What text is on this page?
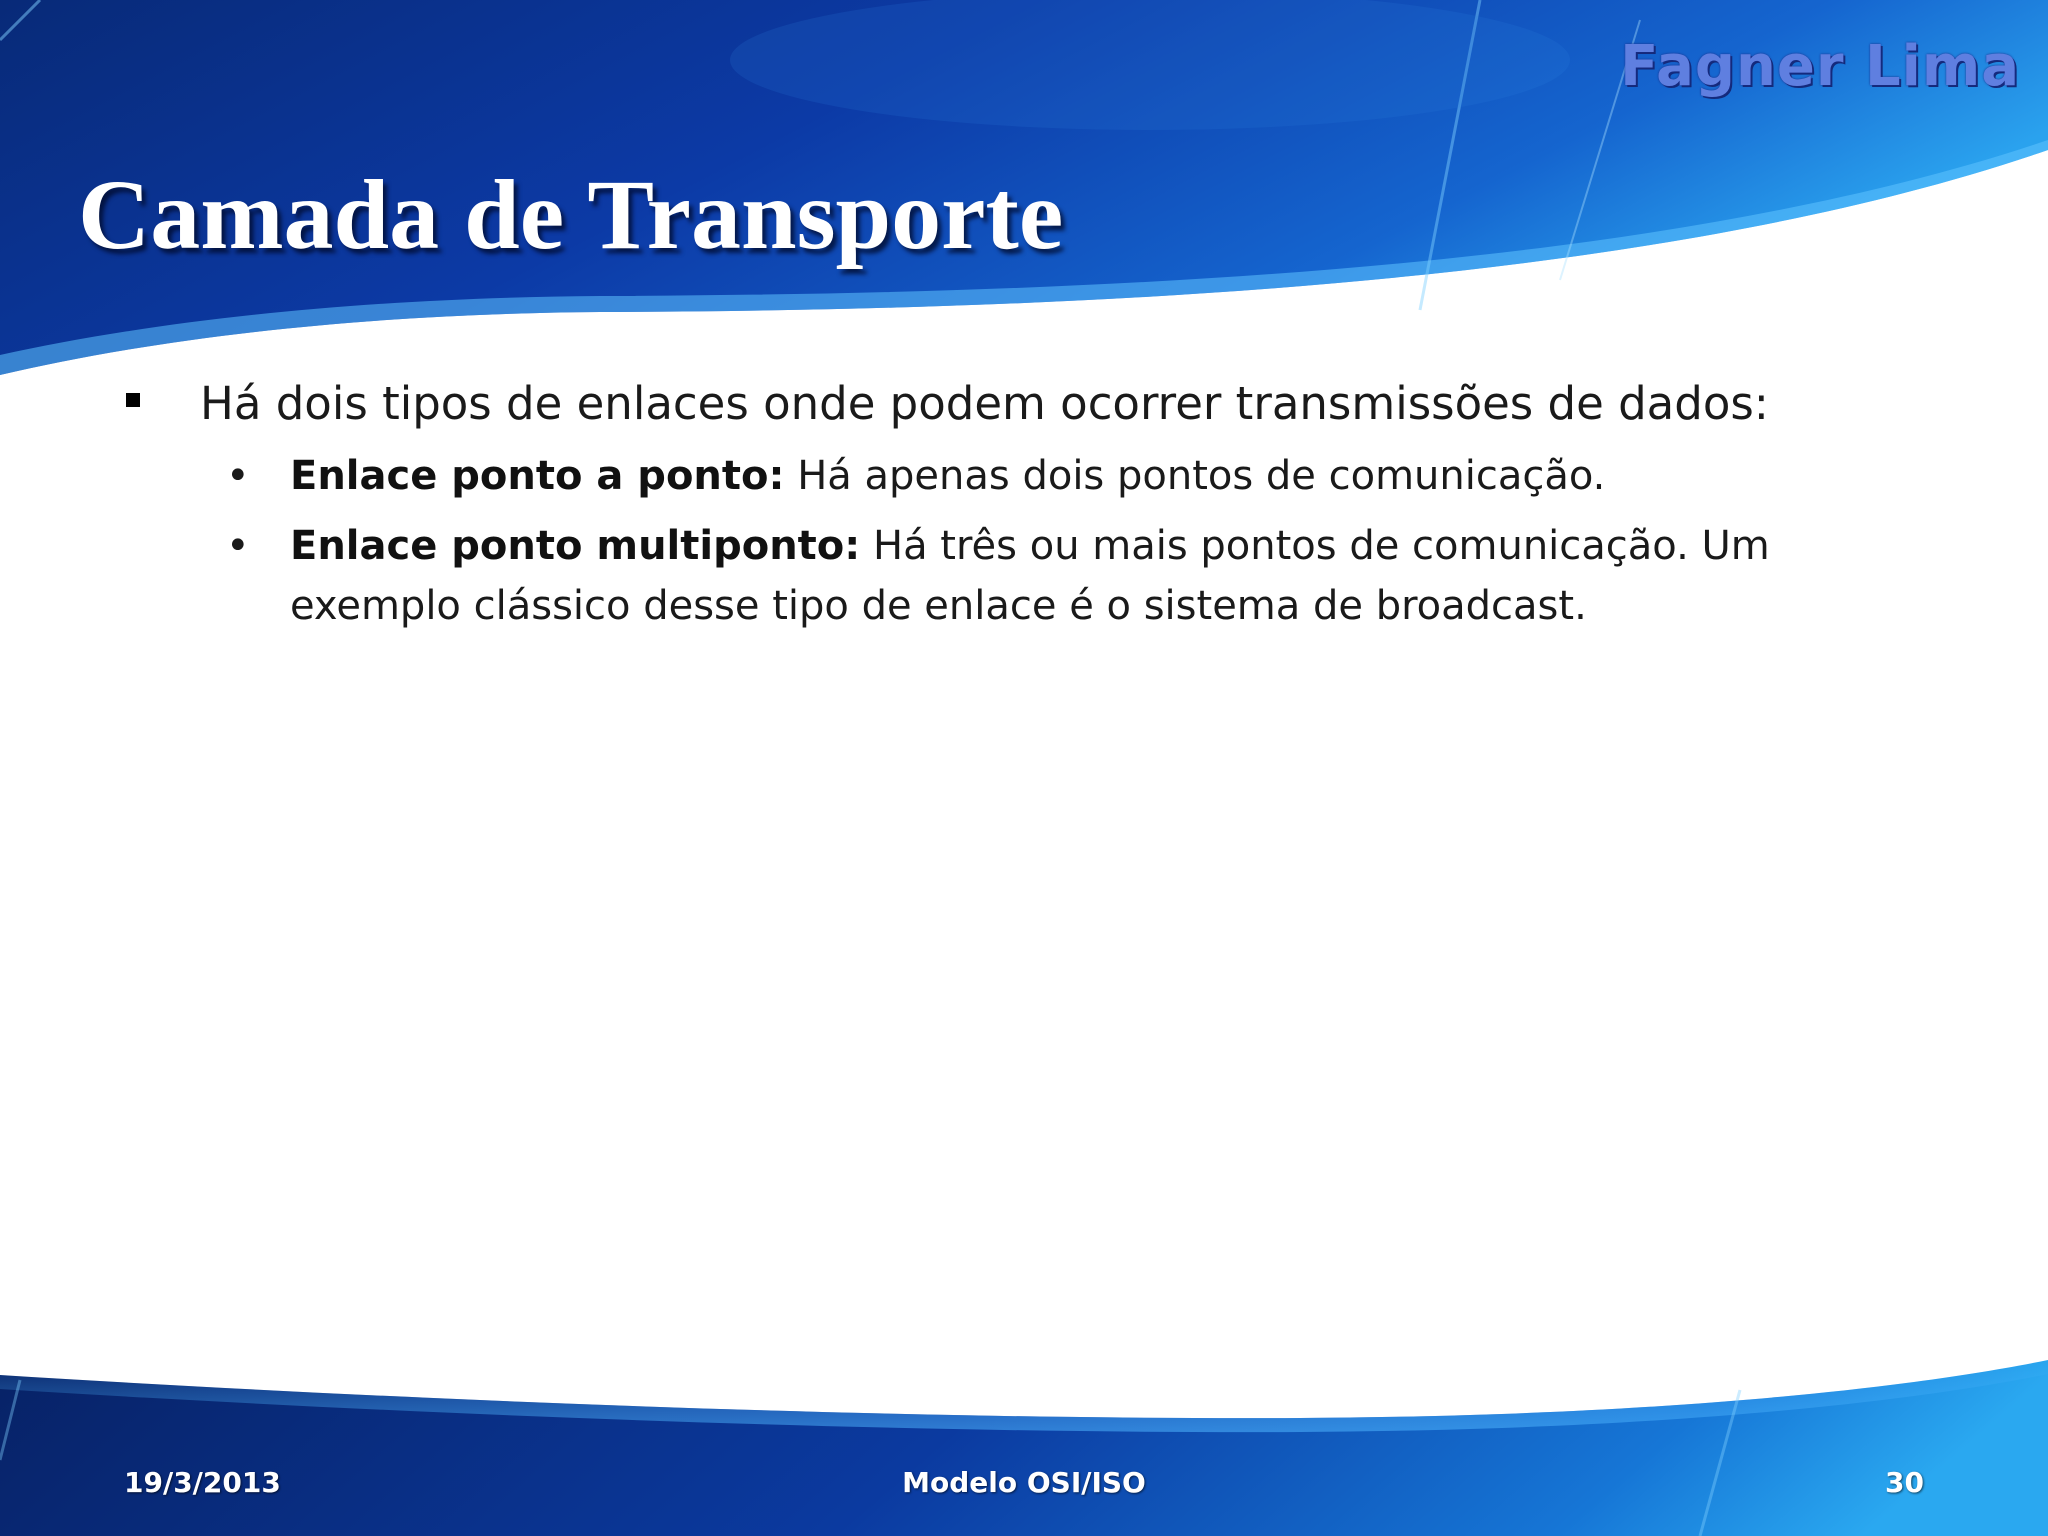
Fagner Lima
Camada de Transporte
Há dois tipos de enlaces onde podem ocorrer transmissões de dados:
• Enlace ponto a ponto: Há apenas dois pontos de comunicação.
• Enlace ponto multiponto: Há três ou mais pontos de comunicação. Um exemplo clássico desse tipo de enlace é o sistema de broadcast.
19/3/2013	Modelo OSI/ISO	30
